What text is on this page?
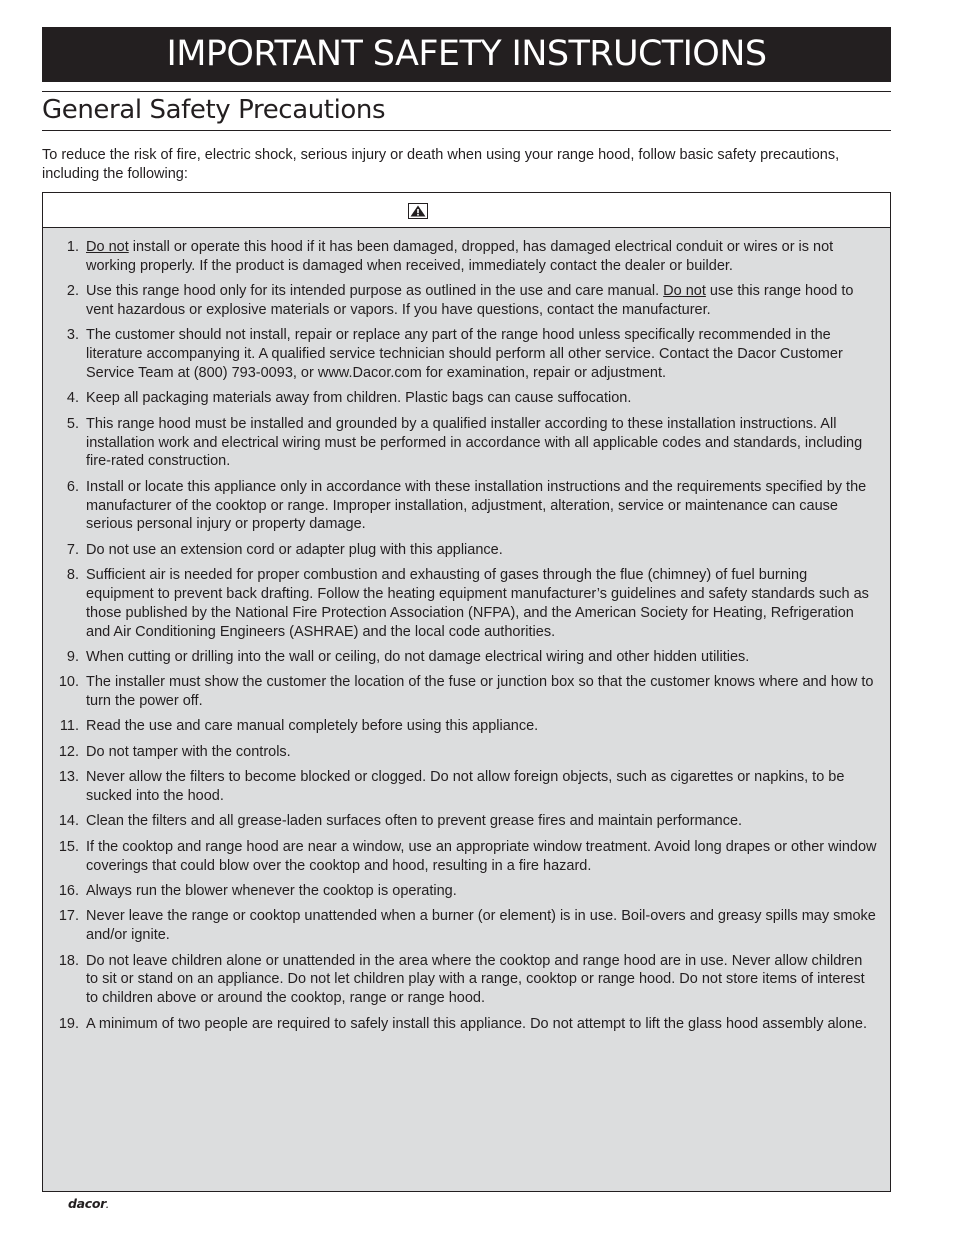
IMPORTANT SAFETY INSTRUCTIONS
General Safety Precautions

To reduce the risk of fire, electric shock, serious injury or death when using your range hood, follow basic safety precautions, including the following:

1. Do not install or operate this hood if it has been damaged, dropped, has damaged electrical conduit or wires or is not working properly. If the product is damaged when received, immediately contact the dealer or builder.
2. Use this range hood only for its intended purpose as outlined in the use and care manual. Do not use this range hood to vent hazardous or explosive materials or vapors. If you have questions, contact the manufacturer.
3. The customer should not install, repair or replace any part of the range hood unless specifically recommended in the literature accompanying it. A qualified service technician should perform all other service. Contact the Dacor Customer Service Team at (800) 793-0093, or www.Dacor.com for examination, repair or adjustment.
4. Keep all packaging materials away from children. Plastic bags can cause suffocation.
5. This range hood must be installed and grounded by a qualified installer according to these installation instructions. All installation work and electrical wiring must be performed in accordance with all applicable codes and standards, including fire-rated construction.
6. Install or locate this appliance only in accordance with these installation instructions and the requirements specified by the manufacturer of the cooktop or range. Improper installation, adjustment, alteration, service or maintenance can cause serious personal injury or property damage.
7. Do not use an extension cord or adapter plug with this appliance.
8. Sufficient air is needed for proper combustion and exhausting of gases through the flue (chimney) of fuel burning equipment to prevent back drafting. Follow the heating equipment manufacturer’s guidelines and safety standards such as those published by the National Fire Protection Association (NFPA), and the American Society for Heating, Refrigeration and Air Conditioning Engineers (ASHRAE) and the local code authorities.
9. When cutting or drilling into the wall or ceiling, do not damage electrical wiring and other hidden utilities.
10. The installer must show the customer the location of the fuse or junction box so that the customer knows where and how to turn the power off.
11. Read the use and care manual completely before using this appliance.
12. Do not tamper with the controls.
13. Never allow the filters to become blocked or clogged. Do not allow foreign objects, such as cigarettes or napkins, to be sucked into the hood.
14. Clean the filters and all grease-laden surfaces often to prevent grease fires and maintain performance.
15. If the cooktop and range hood are near a window, use an appropriate window treatment. Avoid long drapes or other window coverings that could blow over the cooktop and hood, resulting in a fire hazard.
16. Always run the blower whenever the cooktop is operating.
17. Never leave the range or cooktop unattended when a burner (or element) is in use. Boil-overs and greasy spills may smoke and/or ignite.
18. Do not leave children alone or unattended in the area where the cooktop and range hood are in use. Never allow children to sit or stand on an appliance. Do not let children play with a range, cooktop or range hood. Do not store items of interest to children above or around the cooktop, range or range hood.
19. A minimum of two people are required to safely install this appliance. Do not attempt to lift the glass hood assembly alone.
dacor.
